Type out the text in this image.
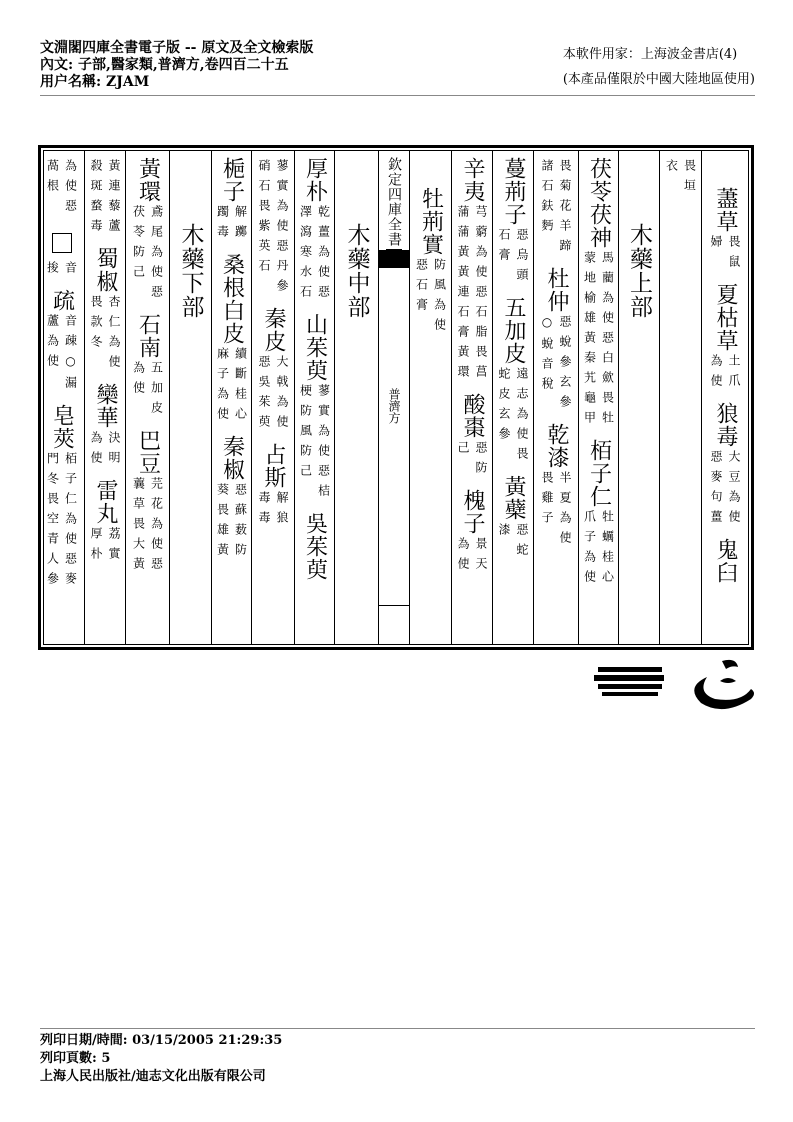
文淵閣四庫全書電子版 -- 原文及全文檢索版
內文: 子部,醫家類,普濟方,卷四百二十五
用户名稱: ZJAM
本軟件用家：上海波金書店(4)
(本產品僅限於中國大陸地區使用)
藎草
畏鼠
婦
夏枯草
土爪
為使
狼毒
大豆為使
惡麥句薑
鬼臼
畏垣
衣
木藥上部
茯苓茯神
馬藺為使惡白歛畏牡
蒙地榆雄黃秦艽龜甲
栢子仁
牡蠣桂心
爪子為使
畏菊花羊蹄
諸石鈇麪
杜仲
惡蛻參玄參
○蛻音稅
乾漆
半夏為使
畏雞子
蔓荊子
惡烏頭
石膏
五加皮
遠志為使畏
蛇皮玄參
黃蘗
惡蛇
漆
辛夷
芎藭為使惡石脂畏菖
蒲蒲黃黃連石膏黃環
酸棗
惡防
己
槐子
景天
為使
牡荊實
防風為使
惡石膏
欽定四庫全書
普濟方
木藥中部
厚朴
乾薑為使惡
澤瀉寒水石
山茱萸
蓼實為使惡桔
梗防風防己
吳茱萸
蓼實為使惡丹參
硝石畏紫英石
秦皮
大戟為使
惡吳茱萸
占斯
解狼
毒毒
梔子
解躑
躅毒
桑根白皮
續斷桂心
麻子為使
秦椒
惡蘇薮防
葵畏雄黃
木藥下部
黃環
鳶尾為使惡
茯苓防己
石南
五加皮
為使
巴豆
芫花為使惡
蘘草畏大黃
黃連藜蘆
殺斑蝥毒
蜀椒
杏仁為使
畏款冬
欒華
決明
為使
雷丸
荔實
厚朴
為使惡
萵根
音
捘
疏
音疎○漏
蘆為使
皂莢
栢子仁為使惡麥
門冬畏空青人參
列印日期/時間: 03/15/2005 21:29:35
列印頁數: 5
上海人民出版社/迪志文化出版有限公司
